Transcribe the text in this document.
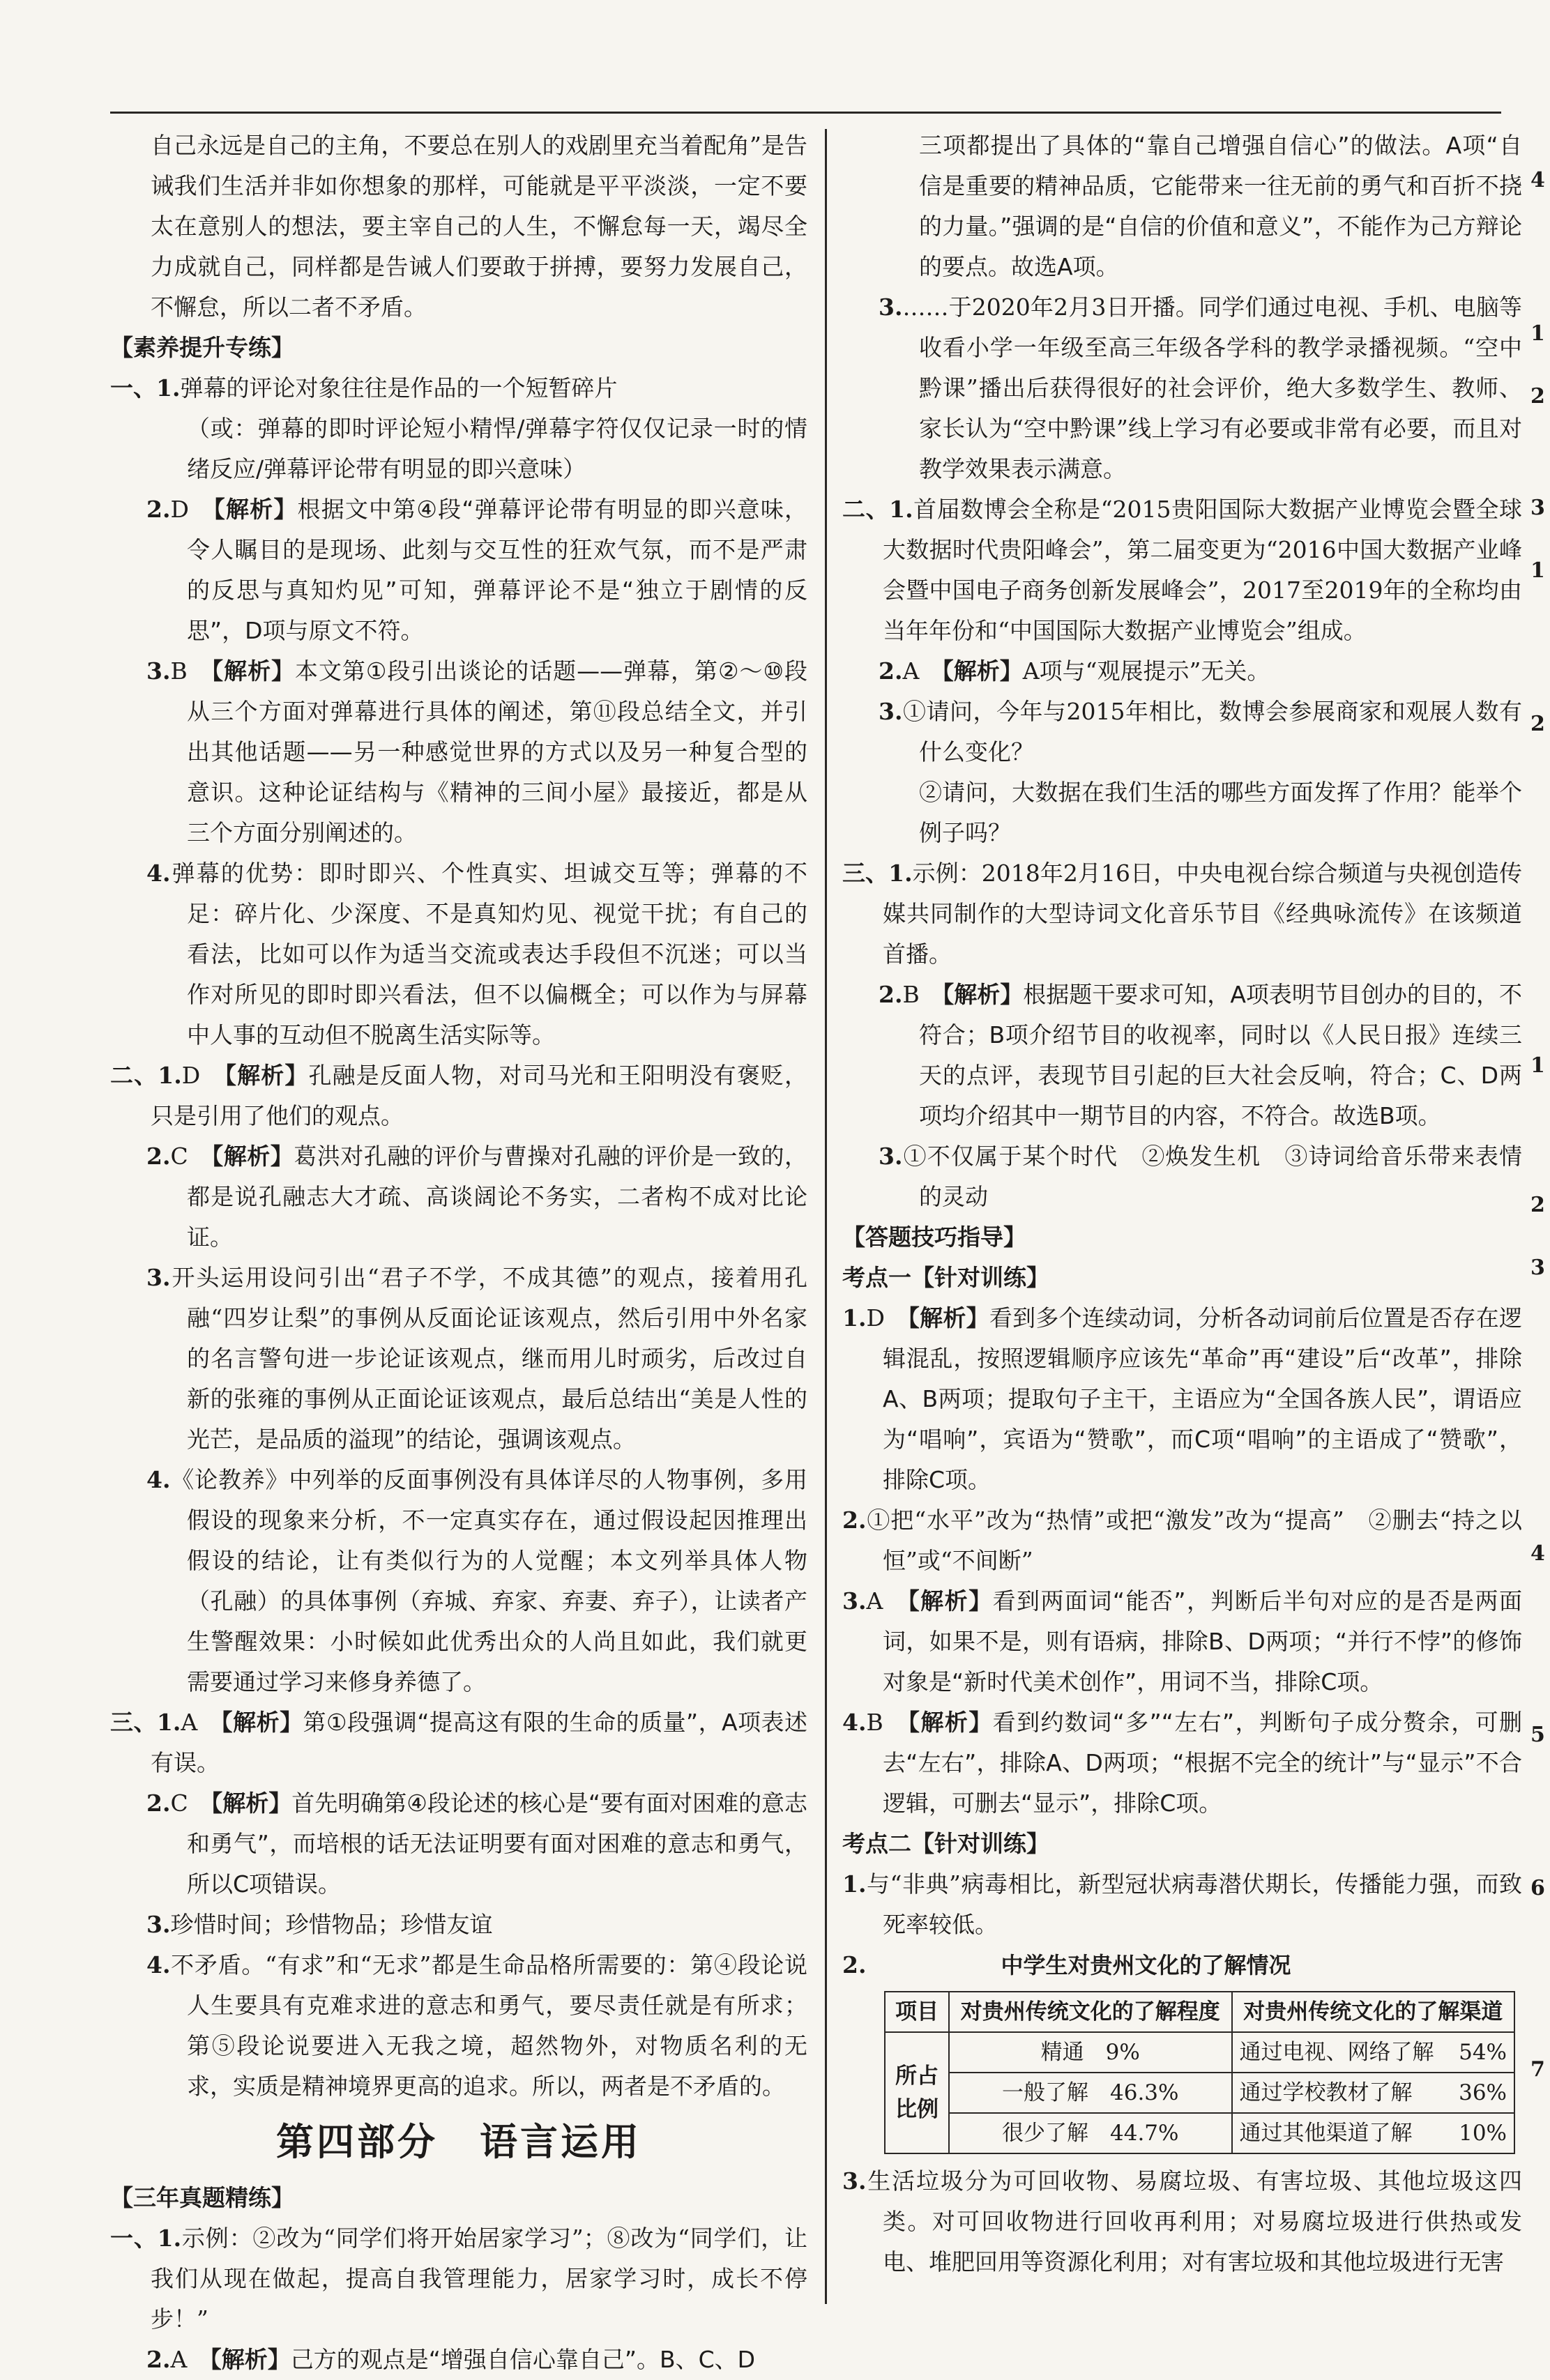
自己永远是自己的主角，不要总在别人的戏剧里充当着配角”是告诫我们生活并非如你想象的那样，可能就是平平淡淡，一定不要太在意别人的想法，要主宰自己的人生，不懈怠每一天，竭尽全力成就自己，同样都是告诫人们要敢于拼搏，要努力发展自己，不懈怠，所以二者不矛盾。

【素养提升专练】

一、1.弹幕的评论对象往往是作品的一个短暂碎片

（或：弹幕的即时评论短小精悍/弹幕字符仅仅记录一时的情绪反应/弹幕评论带有明显的即兴意味）

2.D　【解析】根据文中第④段“弹幕评论带有明显的即兴意味，令人瞩目的是现场、此刻与交互性的狂欢气氛，而不是严肃的反思与真知灼见”可知，弹幕评论不是“独立于剧情的反思”，D项与原文不符。

3.B　【解析】本文第①段引出谈论的话题——弹幕，第②～⑩段从三个方面对弹幕进行具体的阐述，第⑪段总结全文，并引出其他话题——另一种感觉世界的方式以及另一种复合型的意识。这种论证结构与《精神的三间小屋》最接近，都是从三个方面分别阐述的。

4.弹幕的优势：即时即兴、个性真实、坦诚交互等；弹幕的不足：碎片化、少深度、不是真知灼见、视觉干扰；有自己的看法，比如可以作为适当交流或表达手段但不沉迷；可以当作对所见的即时即兴看法，但不以偏概全；可以作为与屏幕中人事的互动但不脱离生活实际等。

二、1.D　【解析】孔融是反面人物，对司马光和王阳明没有褒贬，只是引用了他们的观点。

2.C　【解析】葛洪对孔融的评价与曹操对孔融的评价是一致的，都是说孔融志大才疏、高谈阔论不务实，二者构不成对比论证。

3.开头运用设问引出“君子不学，不成其德”的观点，接着用孔融“四岁让梨”的事例从反面论证该观点，然后引用中外名家的名言警句进一步论证该观点，继而用儿时顽劣，后改过自新的张雍的事例从正面论证该观点，最后总结出“美是人性的光芒，是品质的溢现”的结论，强调该观点。

4.《论教养》中列举的反面事例没有具体详尽的人物事例，多用假设的现象来分析，不一定真实存在，通过假设起因推理出假设的结论，让有类似行为的人觉醒；本文列举具体人物（孔融）的具体事例（弃城、弃家、弃妻、弃子），让读者产生警醒效果：小时候如此优秀出众的人尚且如此，我们就更需要通过学习来修身养德了。

三、1.A　【解析】第①段强调“提高这有限的生命的质量”，A项表述有误。

2.C　【解析】首先明确第④段论述的核心是“要有面对困难的意志和勇气”，而培根的话无法证明要有面对困难的意志和勇气，所以C项错误。

3.珍惜时间；珍惜物品；珍惜友谊

4.不矛盾。“有求”和“无求”都是生命品格所需要的：第④段论说人生要具有克难求进的意志和勇气，要尽责任就是有所求；第⑤段论说要进入无我之境，超然物外，对物质名利的无求，实质是精神境界更高的追求。所以，两者是不矛盾的。

第四部分 语言运用

【三年真题精练】

一、1.示例：②改为“同学们将开始居家学习”；⑧改为“同学们，让我们从现在做起，提高自我管理能力，居家学习时，成长不停步！”

2.A　【解析】己方的观点是“增强自信心靠自己”。B、C、D

三项都提出了具体的“靠自己增强自信心”的做法。A项“自信是重要的精神品质，它能带来一往无前的勇气和百折不挠的力量。”强调的是“自信的价值和意义”，不能作为己方辩论的要点。故选A项。

3.……于2020年2月3日开播。同学们通过电视、手机、电脑等收看小学一年级至高三年级各学科的教学录播视频。“空中黔课”播出后获得很好的社会评价，绝大多数学生、教师、家长认为“空中黔课”线上学习有必要或非常有必要，而且对教学效果表示满意。

二、1.首届数博会全称是“2015贵阳国际大数据产业博览会暨全球大数据时代贵阳峰会”，第二届变更为“2016中国大数据产业峰会暨中国电子商务创新发展峰会”，2017至2019年的全称均由当年年份和“中国国际大数据产业博览会”组成。

2.A　【解析】A项与“观展提示”无关。

3.①请问，今年与2015年相比，数博会参展商家和观展人数有什么变化？

②请问，大数据在我们生活的哪些方面发挥了作用？能举个例子吗？

三、1.示例：2018年2月16日，中央电视台综合频道与央视创造传媒共同制作的大型诗词文化音乐节目《经典咏流传》在该频道首播。

2.B　【解析】根据题干要求可知，A项表明节目创办的目的，不符合；B项介绍节目的收视率，同时以《人民日报》连续三天的点评，表现节目引起的巨大社会反响，符合；C、D两项均介绍其中一期节目的内容，不符合。故选B项。

3.①不仅属于某个时代　②焕发生机　③诗词给音乐带来表情的灵动

【答题技巧指导】

考点一【针对训练】

1.D　【解析】看到多个连续动词，分析各动词前后位置是否存在逻辑混乱，按照逻辑顺序应该先“革命”再“建设”后“改革”，排除A、B两项；提取句子主干，主语应为“全国各族人民”，谓语应为“唱响”，宾语为“赞歌”，而C项“唱响”的主语成了“赞歌”，排除C项。

2.①把“水平”改为“热情”或把“激发”改为“提高”　②删去“持之以恒”或“不间断”

3.A　【解析】看到两面词“能否”，判断后半句对应的是否是两面词，如果不是，则有语病，排除B、D两项；“并行不悖”的修饰对象是“新时代美术创作”，用词不当，排除C项。

4.B　【解析】看到约数词“多”“左右”，判断句子成分赘余，可删去“左右”，排除A、D两项；“根据不完全的统计”与“显示”不合逻辑，可删去“显示”，排除C项。

考点二【针对训练】

1.与“非典”病毒相比，新型冠状病毒潜伏期长，传播能力强，而致死率较低。

2.	中学生对贵州文化的了解情况

项目	对贵州传统文化的了解程度	对贵州传统文化的了解渠道
所占比例	精通　 9%	通过电视、网络了解 54%

	一般了解　 46.3%	通过学校教材了解 36%

	很少了解　 44.7%	通过其他渠道了解 10%

3.生活垃圾分为可回收物、易腐垃圾、有害垃圾、其他垃圾这四类。对可回收物进行回收再利用；对易腐垃圾进行供热或发电、堆肥回用等资源化利用；对有害垃圾和其他垃圾进行无害

4
1
2
3
1
2
1
2
3
4
5
6
7
